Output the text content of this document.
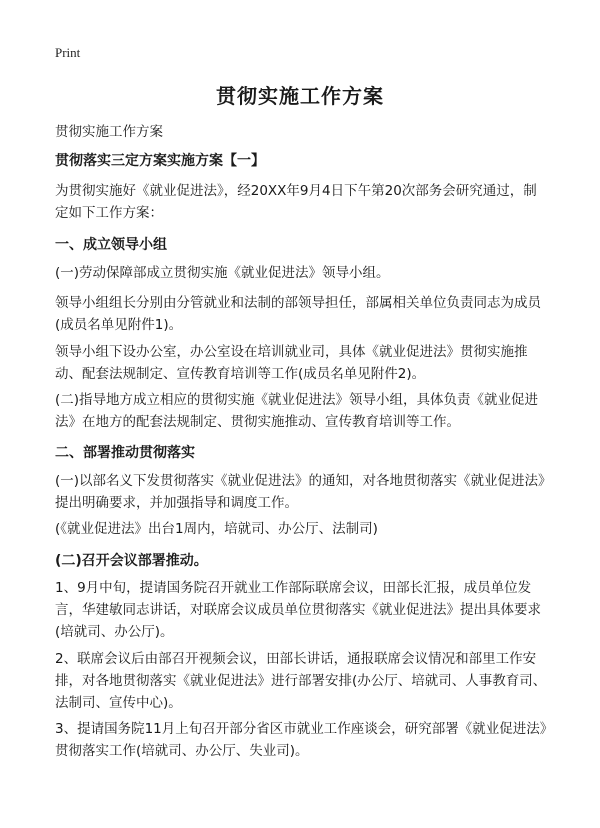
Print
贯彻实施工作方案
贯彻实施工作方案
贯彻落实三定方案实施方案【一】
为贯彻实施好《就业促进法》，经20XX年9月4日下午第20次部务会研究通过，制定如下工作方案：
一、成立领导小组
(一)劳动保障部成立贯彻实施《就业促进法》领导小组。
领导小组组长分别由分管就业和法制的部领导担任，部属相关单位负责同志为成员(成员名单见附件1)。
领导小组下设办公室，办公室设在培训就业司，具体《就业促进法》贯彻实施推动、配套法规制定、宣传教育培训等工作(成员名单见附件2)。
(二)指导地方成立相应的贯彻实施《就业促进法》领导小组，具体负责《就业促进法》在地方的配套法规制定、贯彻实施推动、宣传教育培训等工作。
二、部署推动贯彻落实
(一)以部名义下发贯彻落实《就业促进法》的通知，对各地贯彻落实《就业促进法》提出明确要求，并加强指导和调度工作。
(《就业促进法》出台1周内，培就司、办公厅、法制司)
(二)召开会议部署推动。
1、9月中旬，提请国务院召开就业工作部际联席会议，田部长汇报，成员单位发言，华建敏同志讲话，对联席会议成员单位贯彻落实《就业促进法》提出具体要求(培就司、办公厅)。
2、联席会议后由部召开视频会议，田部长讲话，通报联席会议情况和部里工作安排，对各地贯彻落实《就业促进法》进行部署安排(办公厅、培就司、人事教育司、法制司、宣传中心)。
3、提请国务院11月上旬召开部分省区市就业工作座谈会，研究部署《就业促进法》贯彻落实工作(培就司、办公厅、失业司)。
